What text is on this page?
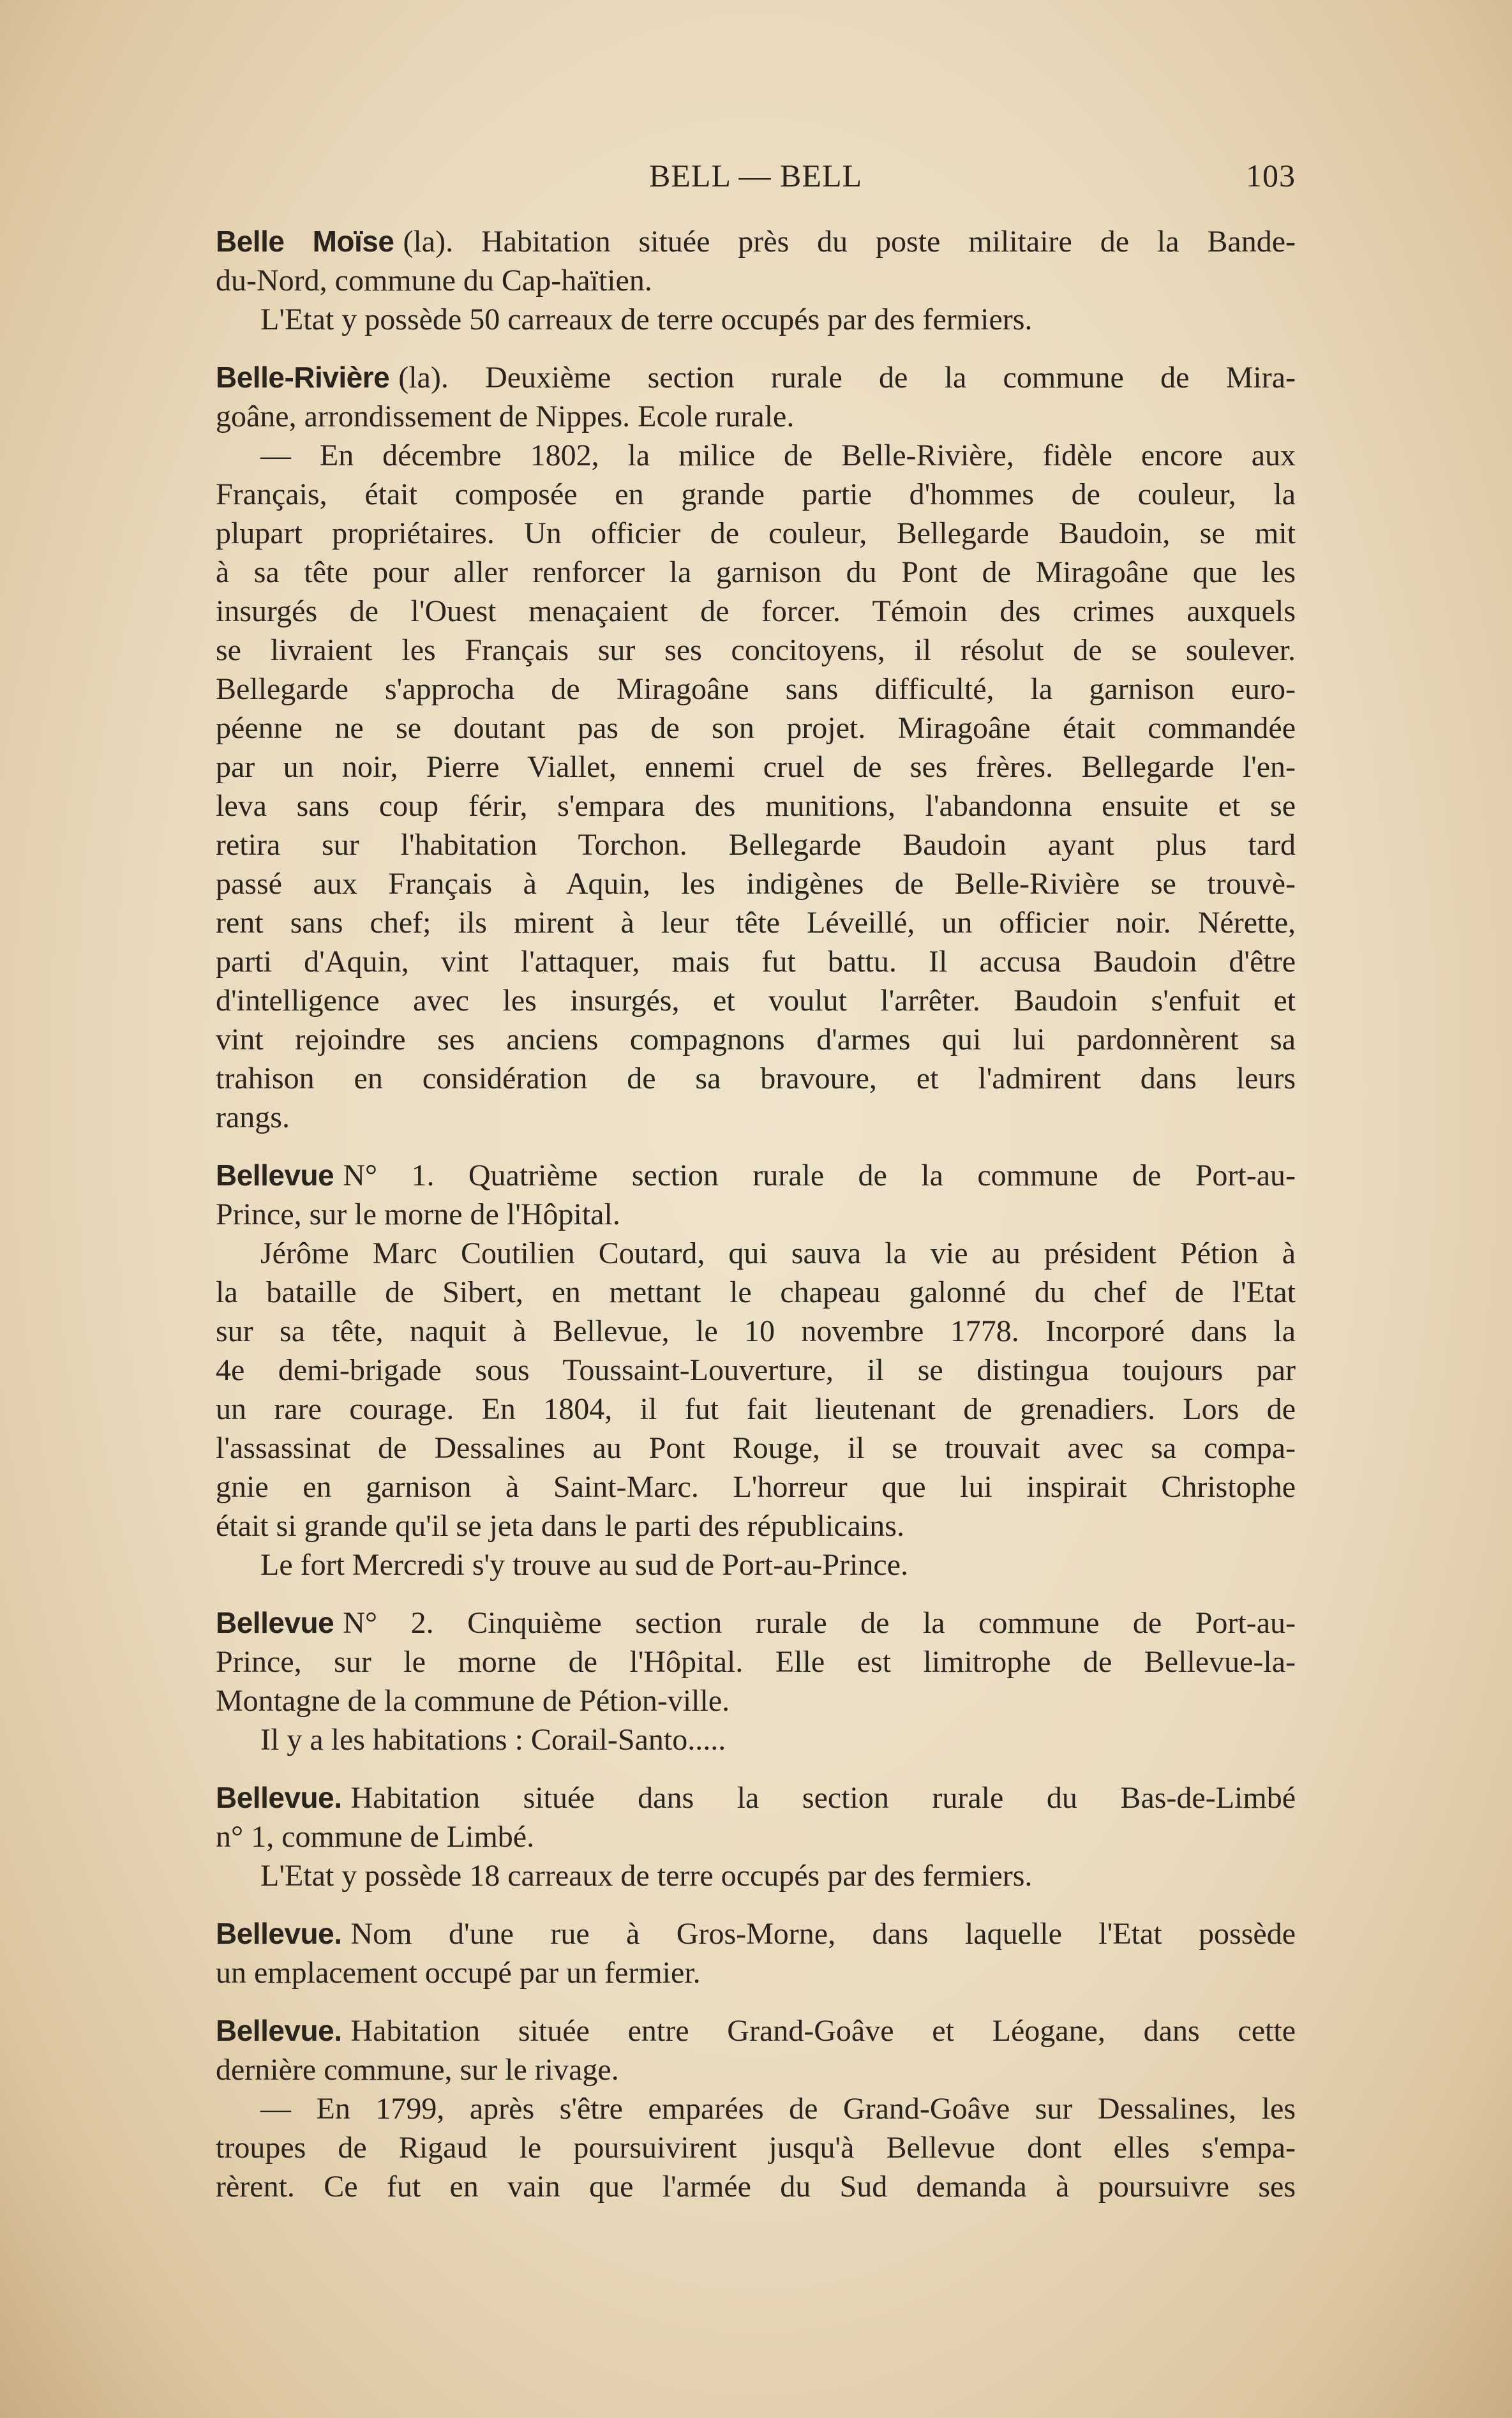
BELL — BELL	103
Belle Moïse (la). Habitation située près du poste militaire de la Bande-
du-Nord, commune du Cap-haïtien.
L'Etat y possède 50 carreaux de terre occupés par des fermiers.
Belle-Rivière (la). Deuxième section rurale de la commune de Mira-
goâne, arrondissement de Nippes. Ecole rurale.
— En décembre 1802, la milice de Belle-Rivière, fidèle encore aux
Français, était composée en grande partie d'hommes de couleur, la
plupart propriétaires. Un officier de couleur, Bellegarde Baudoin, se mit
à sa tête pour aller renforcer la garnison du Pont de Miragoâne que les
insurgés de l'Ouest menaçaient de forcer. Témoin des crimes auxquels
se livraient les Français sur ses concitoyens, il résolut de se soulever.
Bellegarde s'approcha de Miragoâne sans difficulté, la garnison euro-
péenne ne se doutant pas de son projet. Miragoâne était commandée
par un noir, Pierre Viallet, ennemi cruel de ses frères. Bellegarde l'en-
leva sans coup férir, s'empara des munitions, l'abandonna ensuite et se
retira sur l'habitation Torchon. Bellegarde Baudoin ayant plus tard
passé aux Français à Aquin, les indigènes de Belle-Rivière se trouvè-
rent sans chef; ils mirent à leur tête Léveillé, un officier noir. Nérette,
parti d'Aquin, vint l'attaquer, mais fut battu. Il accusa Baudoin d'être
d'intelligence avec les insurgés, et voulut l'arrêter. Baudoin s'enfuit et
vint rejoindre ses anciens compagnons d'armes qui lui pardonnèrent sa
trahison en considération de sa bravoure, et l'admirent dans leurs
rangs.
Bellevue N° 1. Quatrième section rurale de la commune de Port-au-
Prince, sur le morne de l'Hôpital.
Jérôme Marc Coutilien Coutard, qui sauva la vie au président Pétion à
la bataille de Sibert, en mettant le chapeau galonné du chef de l'Etat
sur sa tête, naquit à Bellevue, le 10 novembre 1778. Incorporé dans la
4e demi-brigade sous Toussaint-Louverture, il se distingua toujours par
un rare courage. En 1804, il fut fait lieutenant de grenadiers. Lors de
l'assassinat de Dessalines au Pont Rouge, il se trouvait avec sa compa-
gnie en garnison à Saint-Marc. L'horreur que lui inspirait Christophe
était si grande qu'il se jeta dans le parti des républicains.
Le fort Mercredi s'y trouve au sud de Port-au-Prince.
Bellevue N° 2. Cinquième section rurale de la commune de Port-au-
Prince, sur le morne de l'Hôpital. Elle est limitrophe de Bellevue-la-
Montagne de la commune de Pétion-ville.
Il y a les habitations : Corail-Santo.....
Bellevue. Habitation située dans la section rurale du Bas-de-Limbé
n° 1, commune de Limbé.
L'Etat y possède 18 carreaux de terre occupés par des fermiers.
Bellevue. Nom d'une rue à Gros-Morne, dans laquelle l'Etat possède
un emplacement occupé par un fermier.
Bellevue. Habitation située entre Grand-Goâve et Léogane, dans cette
dernière commune, sur le rivage.
— En 1799, après s'être emparées de Grand-Goâve sur Dessalines, les
troupes de Rigaud le poursuivirent jusqu'à Bellevue dont elles s'empa-
rèrent. Ce fut en vain que l'armée du Sud demanda à poursuivre ses
